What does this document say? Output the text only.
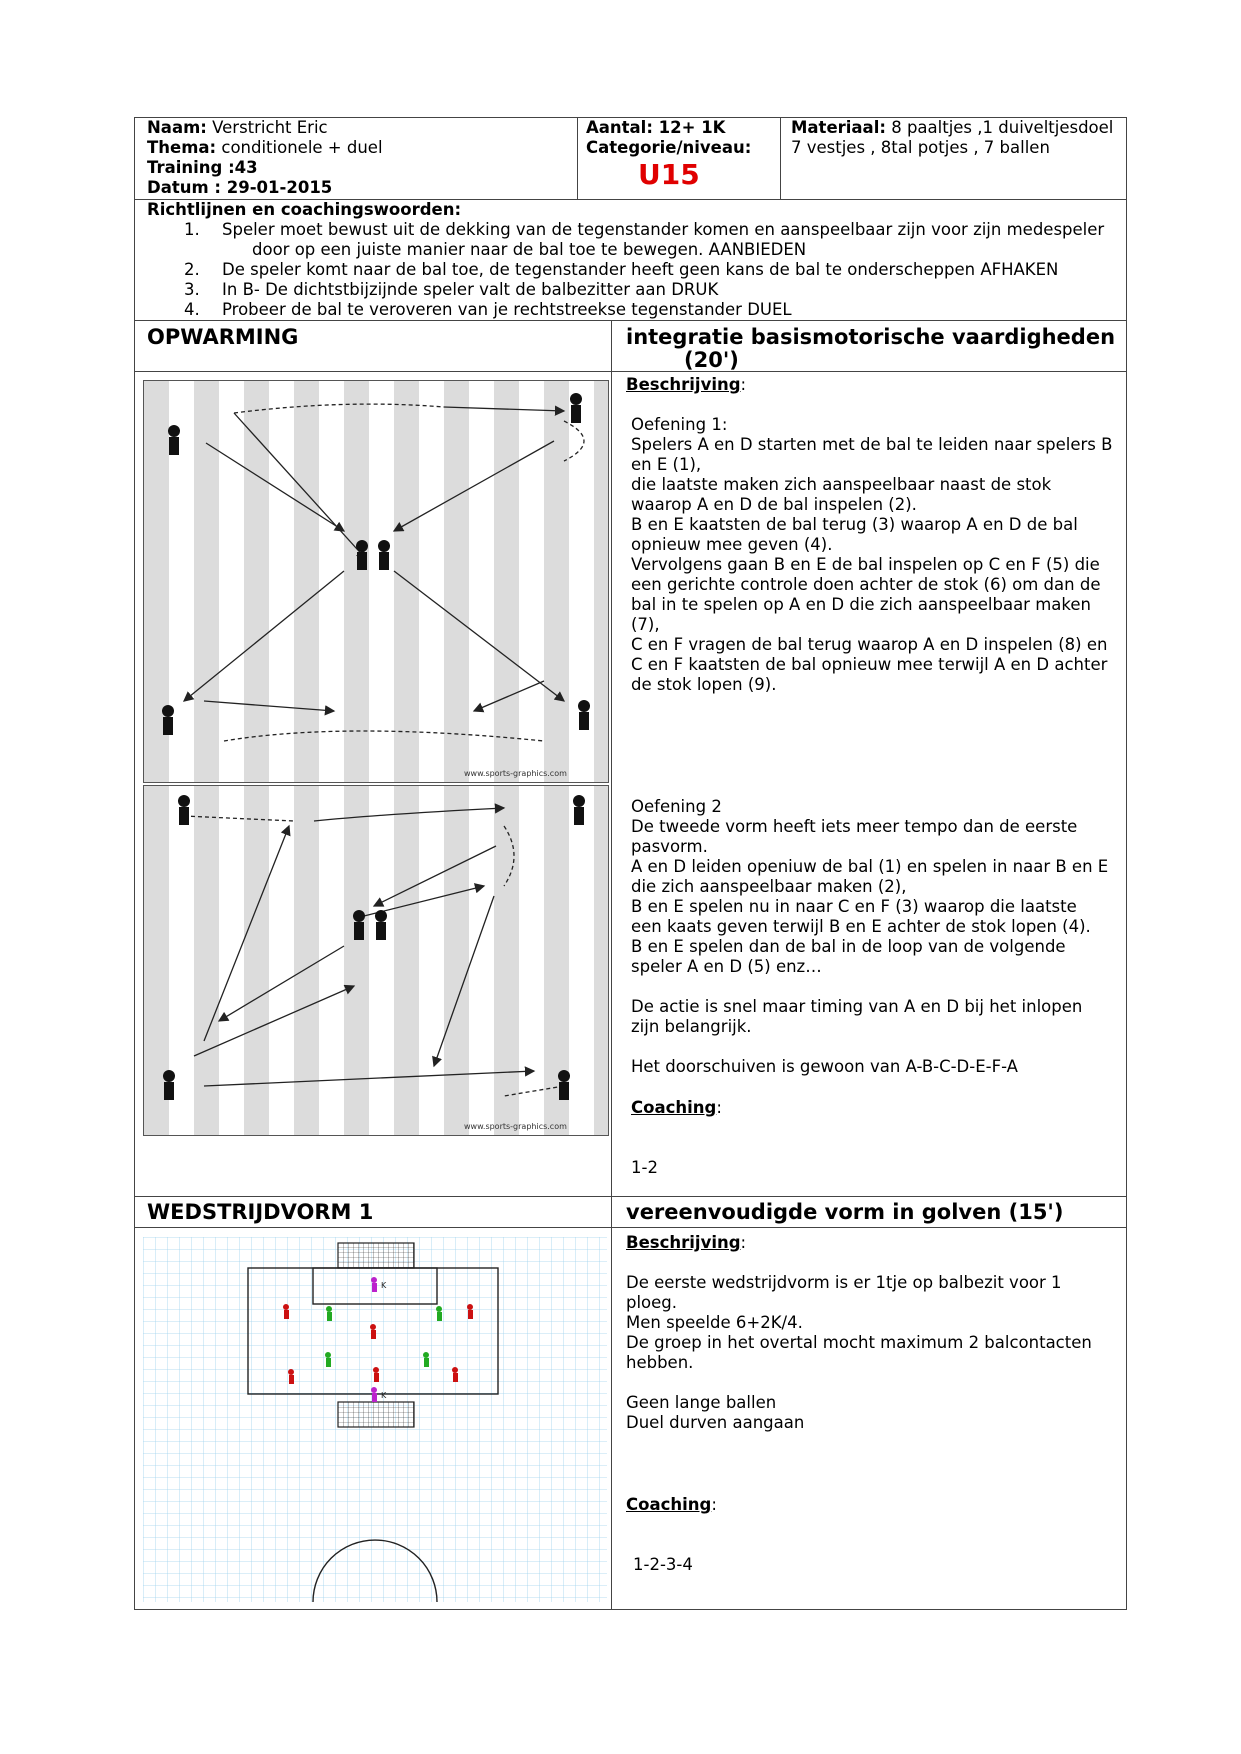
Naam: Verstricht Eric
Thema: conditionele + duel
Training :43
Datum : 29-01-2015
Aantal: 12+ 1K
Categorie/niveau:
U15
Materiaal: 8 paaltjes ,1 duiveltjesdoel
7 vestjes , 8tal potjes , 7 ballen
Richtlijnen en coachingswoorden:
1. Speler moet bewust uit de dekking van de tegenstander komen en aanspeelbaar zijn voor zijn medespeler
door op een juiste manier naar de bal toe te bewegen. AANBIEDEN
2. De speler komt naar de bal toe, de tegenstander heeft geen kans de bal te onderscheppen AFHAKEN
3. In B- De dichtstbijzijnde speler valt de balbezitter aan DRUK
4. Probeer de bal te veroveren van je rechtstreekse tegenstander DUEL
OPWARMING	integratie basismotorische vaardigheden
(20')
www.sports-graphics.com
www.sports-graphics.com
Beschrijving:
Oefening 1:
Spelers A en D starten met de bal te leiden naar spelers B
en E (1),
die laatste maken zich aanspeelbaar naast de stok
waarop A en D de bal inspelen (2).
B en E kaatsten de bal terug (3) waarop A en D de bal
opnieuw mee geven (4).
Vervolgens gaan B en E de bal inspelen op C en F (5) die
een gerichte controle doen achter de stok (6) om dan de
bal in te spelen op A en D die zich aanspeelbaar maken
(7),
C en F vragen de bal terug waarop A en D inspelen (8) en
C en F kaatsten de bal opnieuw mee terwijl A en D achter
de stok lopen (9).
Oefening 2
De tweede vorm heeft iets meer tempo dan de eerste
pasvorm.
A en D leiden openiuw de bal (1) en spelen in naar B en E
die zich aanspeelbaar maken (2),
B en E spelen nu in naar C en F (3) waarop die laatste
een kaats geven terwijl B en E achter de stok lopen (4).
B en E spelen dan de bal in de loop van de volgende
speler A en D (5) enz…
De actie is snel maar timing van A en D bij het inlopen
zijn belangrijk.
Het doorschuiven is gewoon van A-B-C-D-E-F-A
Coaching:
1-2
WEDSTRIJDVORM 1	vereenvoudigde vorm in golven (15')
K
K
Beschrijving:
De eerste wedstrijdvorm is er 1tje op balbezit voor 1
ploeg.
Men speelde 6+2K/4.
De groep in het overtal mocht maximum 2 balcontacten
hebben.
Geen lange ballen
Duel durven aangaan
Coaching:
1-2-3-4
